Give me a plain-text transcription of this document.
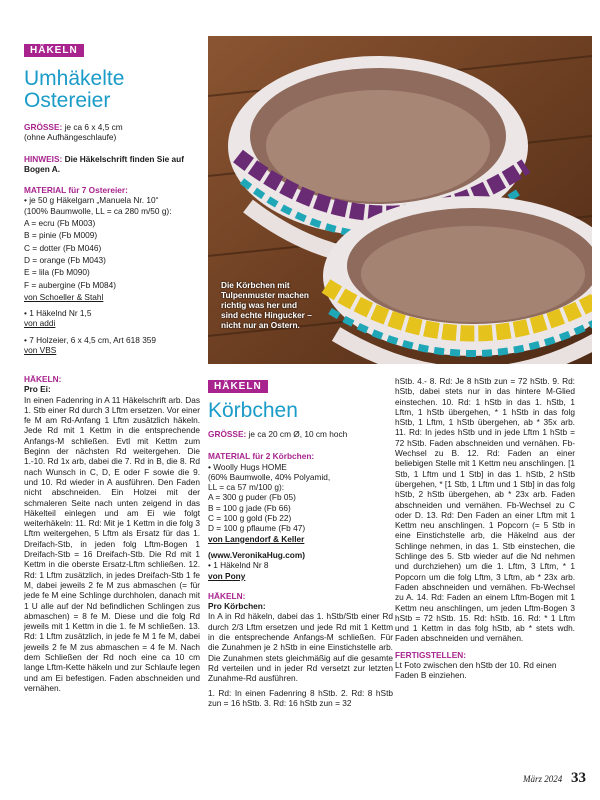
HÄKELN
Umhäkelte
Ostereier

GRÖSSE: je ca 6 x 4,5 cm
(ohne Aufhängeschlaufe)

HINWEIS: Die Häkelschrift finden Sie auf Bogen A.

MATERIAL für 7 Ostereier:

• je 50 g Häkelgarn „Manuela Nr. 10“
(100% Baumwolle, LL = ca 280 m/50 g):
A = ecru (Fb M003)
B = pinie (Fb M009)
C = dotter (Fb M046)
D = orange (Fb M043)
E = lila (Fb M090)
F = aubergine (Fb M084)
von Schoeller & Stahl
• 1 Häkelnd Nr 1,5
von addi
• 7 Holzeier, 6 x 4,5 cm, Art 618 359
von VBS
Die Körbchen mit Tulpenmuster machen richtig was her und sind echte Hingucker – nicht nur an Ostern.
HÄKELN:
Pro Ei:
In einen Fadenring in A 11 Häkelschrift arb. Das 1. Stb einer Rd durch 3 Lftm ersetzen. Vor einer fe M am Rd-Anfang 1 Lftm zusätzlich häkeln. Jede Rd mit 1 Kettm in die entsprechende Anfangs-M schließen. Evtl mit Kettm zum Beginn der nächsten Rd weitergehen. Die 1.-10. Rd 1x arb, dabei die 7. Rd in B, die 8. Rd nach Wunsch in C, D, E oder F sowie die 9. und 10. Rd wieder in A ausführen. Den Faden nicht abschneiden. Ein Holzei mit der schmaleren Seite nach unten zeigend in das Häkelteil einlegen und am Ei wie folgt weiterhäkeln: 11. Rd: Mit je 1 Kettm in die folg 3 Lftm weitergehen, 5 Lftm als Ersatz für das 1. Dreifach-Stb, in jeden folg Lftm-Bogen 1 Dreifach-Stb = 16 Dreifach-Stb. Die Rd mit 1 Kettm in die oberste Ersatz-Lftm schließen. 12. Rd: 1 Lftm zusätzlich, in jedes Dreifach-Stb 1 fe M, dabei jeweils 2 fe M zus abmaschen (= für jede fe M eine Schlinge durchholen, danach mit 1 U alle auf der Nd befindlichen Schlingen zus abmaschen) = 8 fe M. Diese und die folg Rd jeweils mit 1 Kettm in die 1. fe M schließen. 13. Rd: 1 Lftm zusätzlich, in jede fe M 1 fe M, dabei jeweils 2 fe M zus abmaschen = 4 fe M. Nach dem Schließen der Rd noch eine ca 10 cm lange Lftm-Kette häkeln und zur Schlaufe legen und am Ei befestigen. Faden abschneiden und vernähen.
HÄKELN
Körbchen

GRÖSSE: je ca 20 cm Ø, 10 cm hoch

MATERIAL für 2 Körbchen:

• Woolly Hugs HOME
(60% Baumwolle, 40% Polyamid,
LL = ca 57 m/100 g):
A = 300 g puder (Fb 05)
B = 100 g jade (Fb 66)
C = 100 g gold (Fb 22)
D = 100 g pflaume (Fb 47)
von Langendorf & Keller
(www.VeronikaHug.com)
• 1 Häkelnd Nr 8
von Pony
HÄKELN:
Pro Körbchen:
In A in Rd häkeln, dabei das 1. hStb/Stb einer Rd durch 2/3 Lftm ersetzen und jede Rd mit 1 Kettm in die entsprechende Anfangs-M schließen. Für die Zunahmen je 2 hStb in eine Einstichstelle arb. Die Zunahmen stets gleichmäßig auf die gesamte Rd verteilen und in jeder Rd versetzt zur letzten Zunahme-Rd ausführen.
1. Rd: In einen Fadenring 8 hStb. 2. Rd: 8 hStb zun = 16 hStb. 3. Rd: 16 hStb zun = 32
hStb. 4.- 8. Rd: Je 8 hStb zun = 72 hStb. 9. Rd: hStb, dabei stets nur in das hintere M-Glied einstechen. 10. Rd: 1 hStb in das 1. hStb, 1 Lftm, 1 hStb übergehen, * 1 hStb in das folg hStb, 1 Lftm, 1 hStb übergehen, ab * 35x arb. 11. Rd: In jedes hStb und in jede Lftm 1 hStb = 72 hStb. Faden abschneiden und vernähen. Fb-Wechsel zu B. 12. Rd: Faden an einer beliebigen Stelle mit 1 Kettm neu anschlingen. [1 Stb, 1 Lftm und 1 Stb] in das 1. hStb, 2 hStb übergehen, * [1 Stb, 1 Lftm und 1 Stb] in das folg hStb, 2 hStb übergehen, ab * 23x arb. Faden abschneiden und vernähen. Fb-Wechsel zu C oder D. 13. Rd: Den Faden an einer Lftm mit 1 Kettm neu anschlingen. 1 Popcorn (= 5 Stb in eine Einstichstelle arb, die Häkelnd aus der Schlinge nehmen, in das 1. Stb einstechen, die Schlinge des 5. Stb wieder auf die Nd nehmen und durchziehen) um die 1. Lftm, 3 Lftm, * 1 Popcorn um die folg Lftm, 3 Lftm, ab * 23x arb. Faden abschneiden und vernähen. Fb-Wechsel zu A. 14. Rd: Faden an einem Lftm-Bogen mit 1 Kettm neu anschlingen, um jeden Lftm-Bogen 3 hStb = 72 hStb. 15. Rd: hStb. 16. Rd: * 1 Lftm und 1 Kettm in das folg hStb, ab * stets wdh. Faden abschneiden und vernähen.
FERTIGSTELLEN:
Lt Foto zwischen den hStb der 10. Rd einen Faden B einziehen.
März 2024 33
